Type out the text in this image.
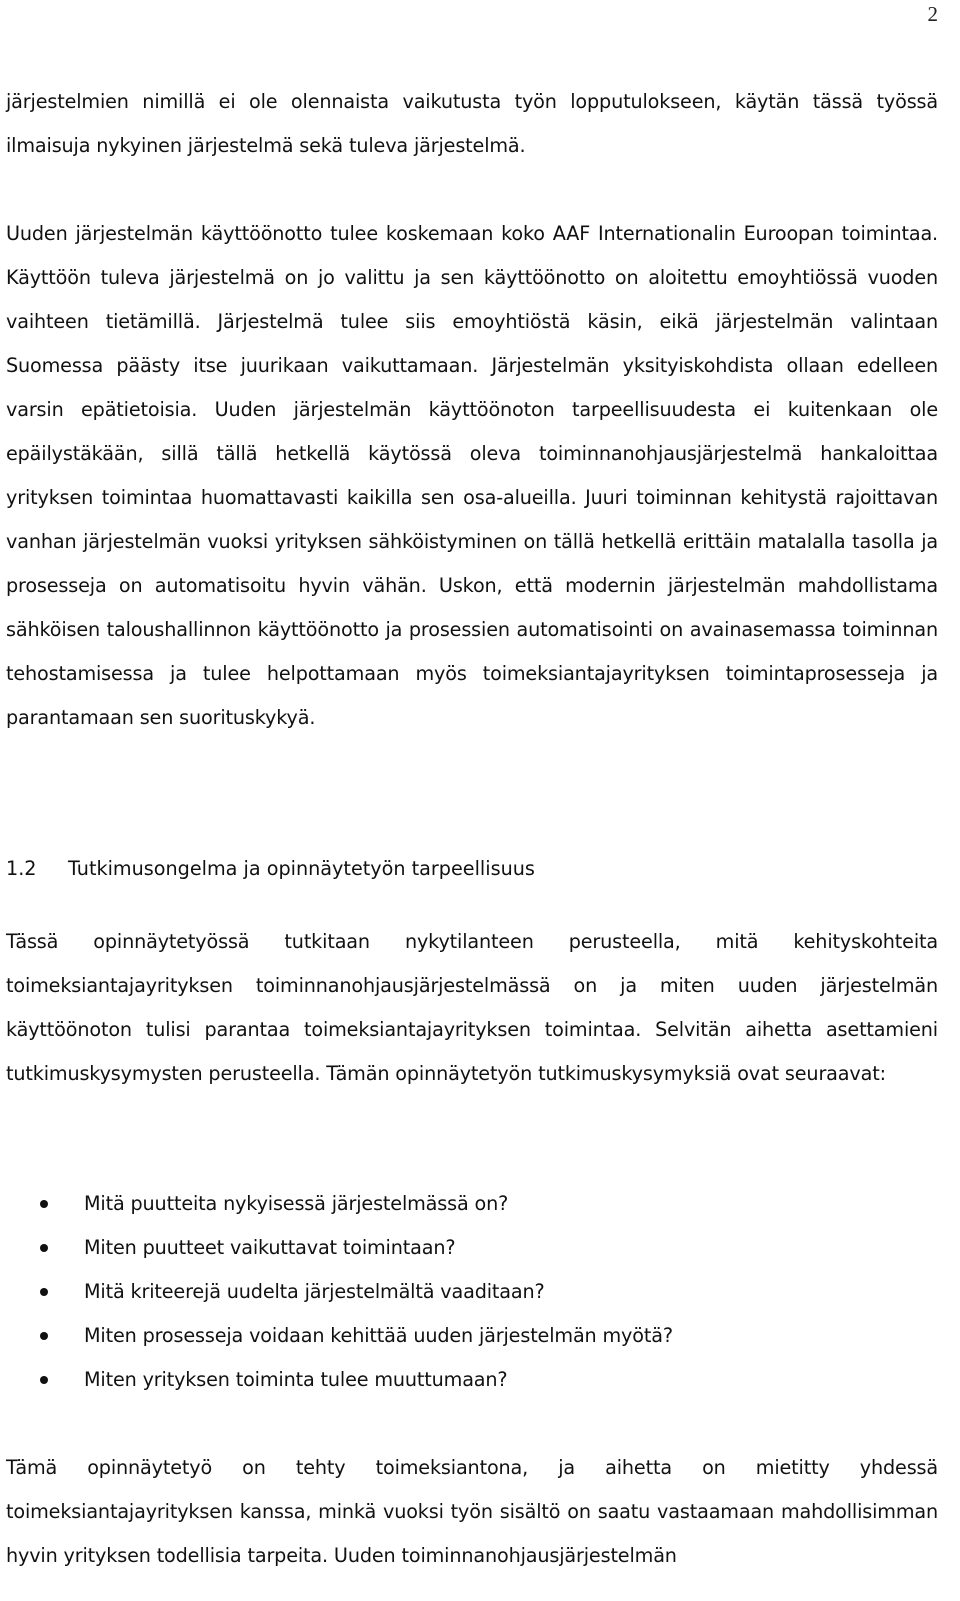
2

järjestelmien nimillä ei ole olennaista vaikutusta työn lopputulokseen, käytän tässä työssä ilmaisuja nykyinen järjestelmä sekä tuleva järjestelmä.

Uuden järjestelmän käyttöönotto tulee koskemaan koko AAF Internationalin Euroopan toimintaa. Käyttöön tuleva järjestelmä on jo valittu ja sen käyttöönotto on aloitettu emoyhtiössä vuoden vaihteen tietämillä. Järjestelmä tulee siis emoyhtiöstä käsin, eikä järjestelmän valintaan Suomessa päästy itse juurikaan vaikuttamaan. Järjestelmän yksityiskohdista ollaan edelleen varsin epätietoisia. Uuden järjestelmän käyttöönoton tarpeellisuudesta ei kuitenkaan ole epäilystäkään, sillä tällä hetkellä käytössä oleva toiminnanohjausjärjestelmä hankaloittaa yrityksen toimintaa huomattavasti kaikilla sen osa-alueilla. Juuri toiminnan kehitystä rajoittavan vanhan järjestelmän vuoksi yrityksen sähköistyminen on tällä hetkellä erittäin matalalla tasolla ja prosesseja on automatisoitu hyvin vähän. Uskon, että modernin järjestelmän mahdollistama sähköisen taloushallinnon käyttöönotto ja prosessien automatisointi on avainasemassa toiminnan tehostamisessa ja tulee helpottamaan myös toimeksiantajayrityksen toimintaprosesseja ja parantamaan sen suorituskykyä.

1.2 Tutkimusongelma ja opinnäytetyön tarpeellisuus

Tässä opinnäytetyössä tutkitaan nykytilanteen perusteella, mitä kehityskohteita toimeksiantajayrityksen toiminnanohjausjärjestelmässä on ja miten uuden järjestelmän käyttöönoton tulisi parantaa toimeksiantajayrityksen toimintaa. Selvitän aihetta asettamieni tutkimuskysymysten perusteella. Tämän opinnäytetyön tutkimuskysymyksiä ovat seuraavat:

Mitä puutteita nykyisessä järjestelmässä on?
Miten puutteet vaikuttavat toimintaan?
Mitä kriteerejä uudelta järjestelmältä vaaditaan?
Miten prosesseja voidaan kehittää uuden järjestelmän myötä?
Miten yrityksen toiminta tulee muuttumaan?

Tämä opinnäytetyö on tehty toimeksiantona, ja aihetta on mietitty yhdessä toimeksiantajayrityksen kanssa, minkä vuoksi työn sisältö on saatu vastaamaan mahdollisimman hyvin yrityksen todellisia tarpeita. Uuden toiminnanohjausjärjestelmän
